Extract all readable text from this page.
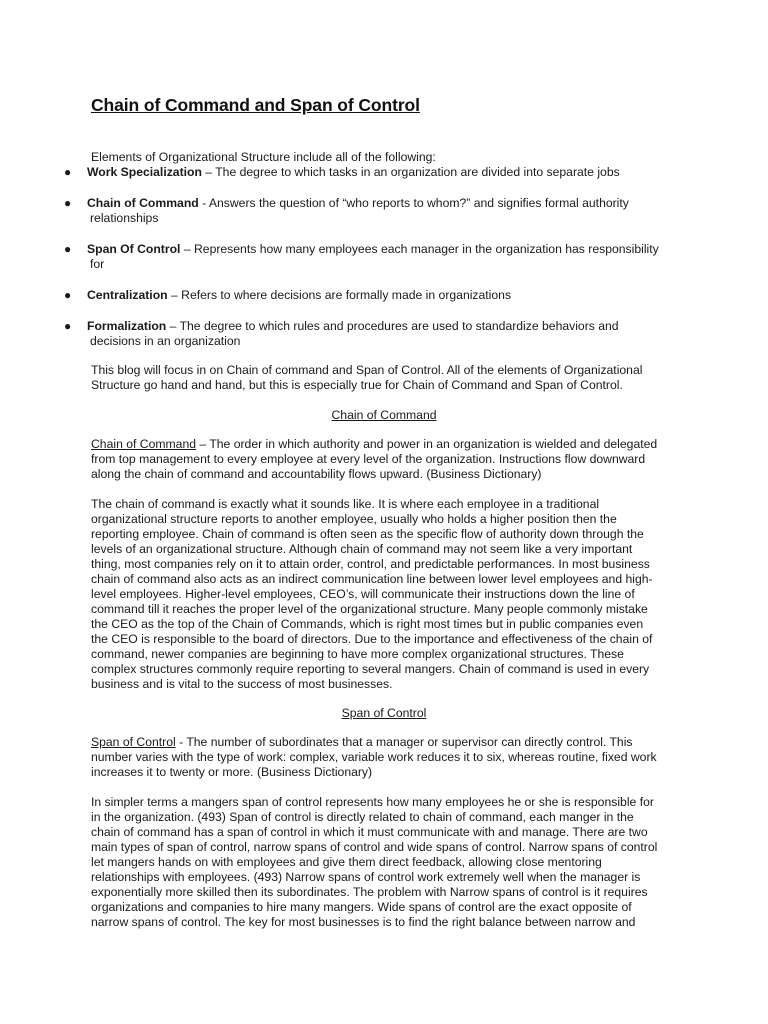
Chain of Command and Span of Control

Elements of Organizational Structure include all of the following:

● Work Specialization – The degree to which tasks in an organization are divided into separate jobs
● Chain of Command - Answers the question of “who reports to whom?” and signifies formal authority
relationships
● Span Of Control – Represents how many employees each manager in the organization has responsibility
for
● Centralization – Refers to where decisions are formally made in organizations
● Formalization – The degree to which rules and procedures are used to standardize behaviors and
decisions in an organization
This blog will focus in on Chain of command and Span of Control. All of the elements of Organizational
Structure go hand and hand, but this is especially true for Chain of Command and Span of Control.

Chain of Command

Chain of Command – The order in which authority and power in an organization is wielded and delegated
from top management to every employee at every level of the organization. Instructions flow downward
along the chain of command and accountability flows upward. (Business Dictionary)
The chain of command is exactly what it sounds like. It is where each employee in a traditional
organizational structure reports to another employee, usually who holds a higher position then the
reporting employee. Chain of command is often seen as the specific flow of authority down through the
levels of an organizational structure. Although chain of command may not seem like a very important
thing, most companies rely on it to attain order, control, and predictable performances. In most business
chain of command also acts as an indirect communication line between lower level employees and high-
level employees. Higher-level employees, CEO’s, will communicate their instructions down the line of
command till it reaches the proper level of the organizational structure. Many people commonly mistake
the CEO as the top of the Chain of Commands, which is right most times but in public companies even
the CEO is responsible to the board of directors. Due to the importance and effectiveness of the chain of
command, newer companies are beginning to have more complex organizational structures. These
complex structures commonly require reporting to several mangers. Chain of command is used in every
business and is vital to the success of most businesses.

Span of Control

Span of Control - The number of subordinates that a manager or supervisor can directly control. This
number varies with the type of work: complex, variable work reduces it to six, whereas routine, fixed work
increases it to twenty or more. (Business Dictionary)
In simpler terms a mangers span of control represents how many employees he or she is responsible for
in the organization. (493) Span of control is directly related to chain of command, each manger in the
chain of command has a span of control in which it must communicate with and manage. There are two
main types of span of control, narrow spans of control and wide spans of control. Narrow spans of control
let mangers hands on with employees and give them direct feedback, allowing close mentoring
relationships with employees. (493) Narrow spans of control work extremely well when the manager is
exponentially more skilled then its subordinates. The problem with Narrow spans of control is it requires
organizations and companies to hire many mangers. Wide spans of control are the exact opposite of
narrow spans of control. The key for most businesses is to find the right balance between narrow and
